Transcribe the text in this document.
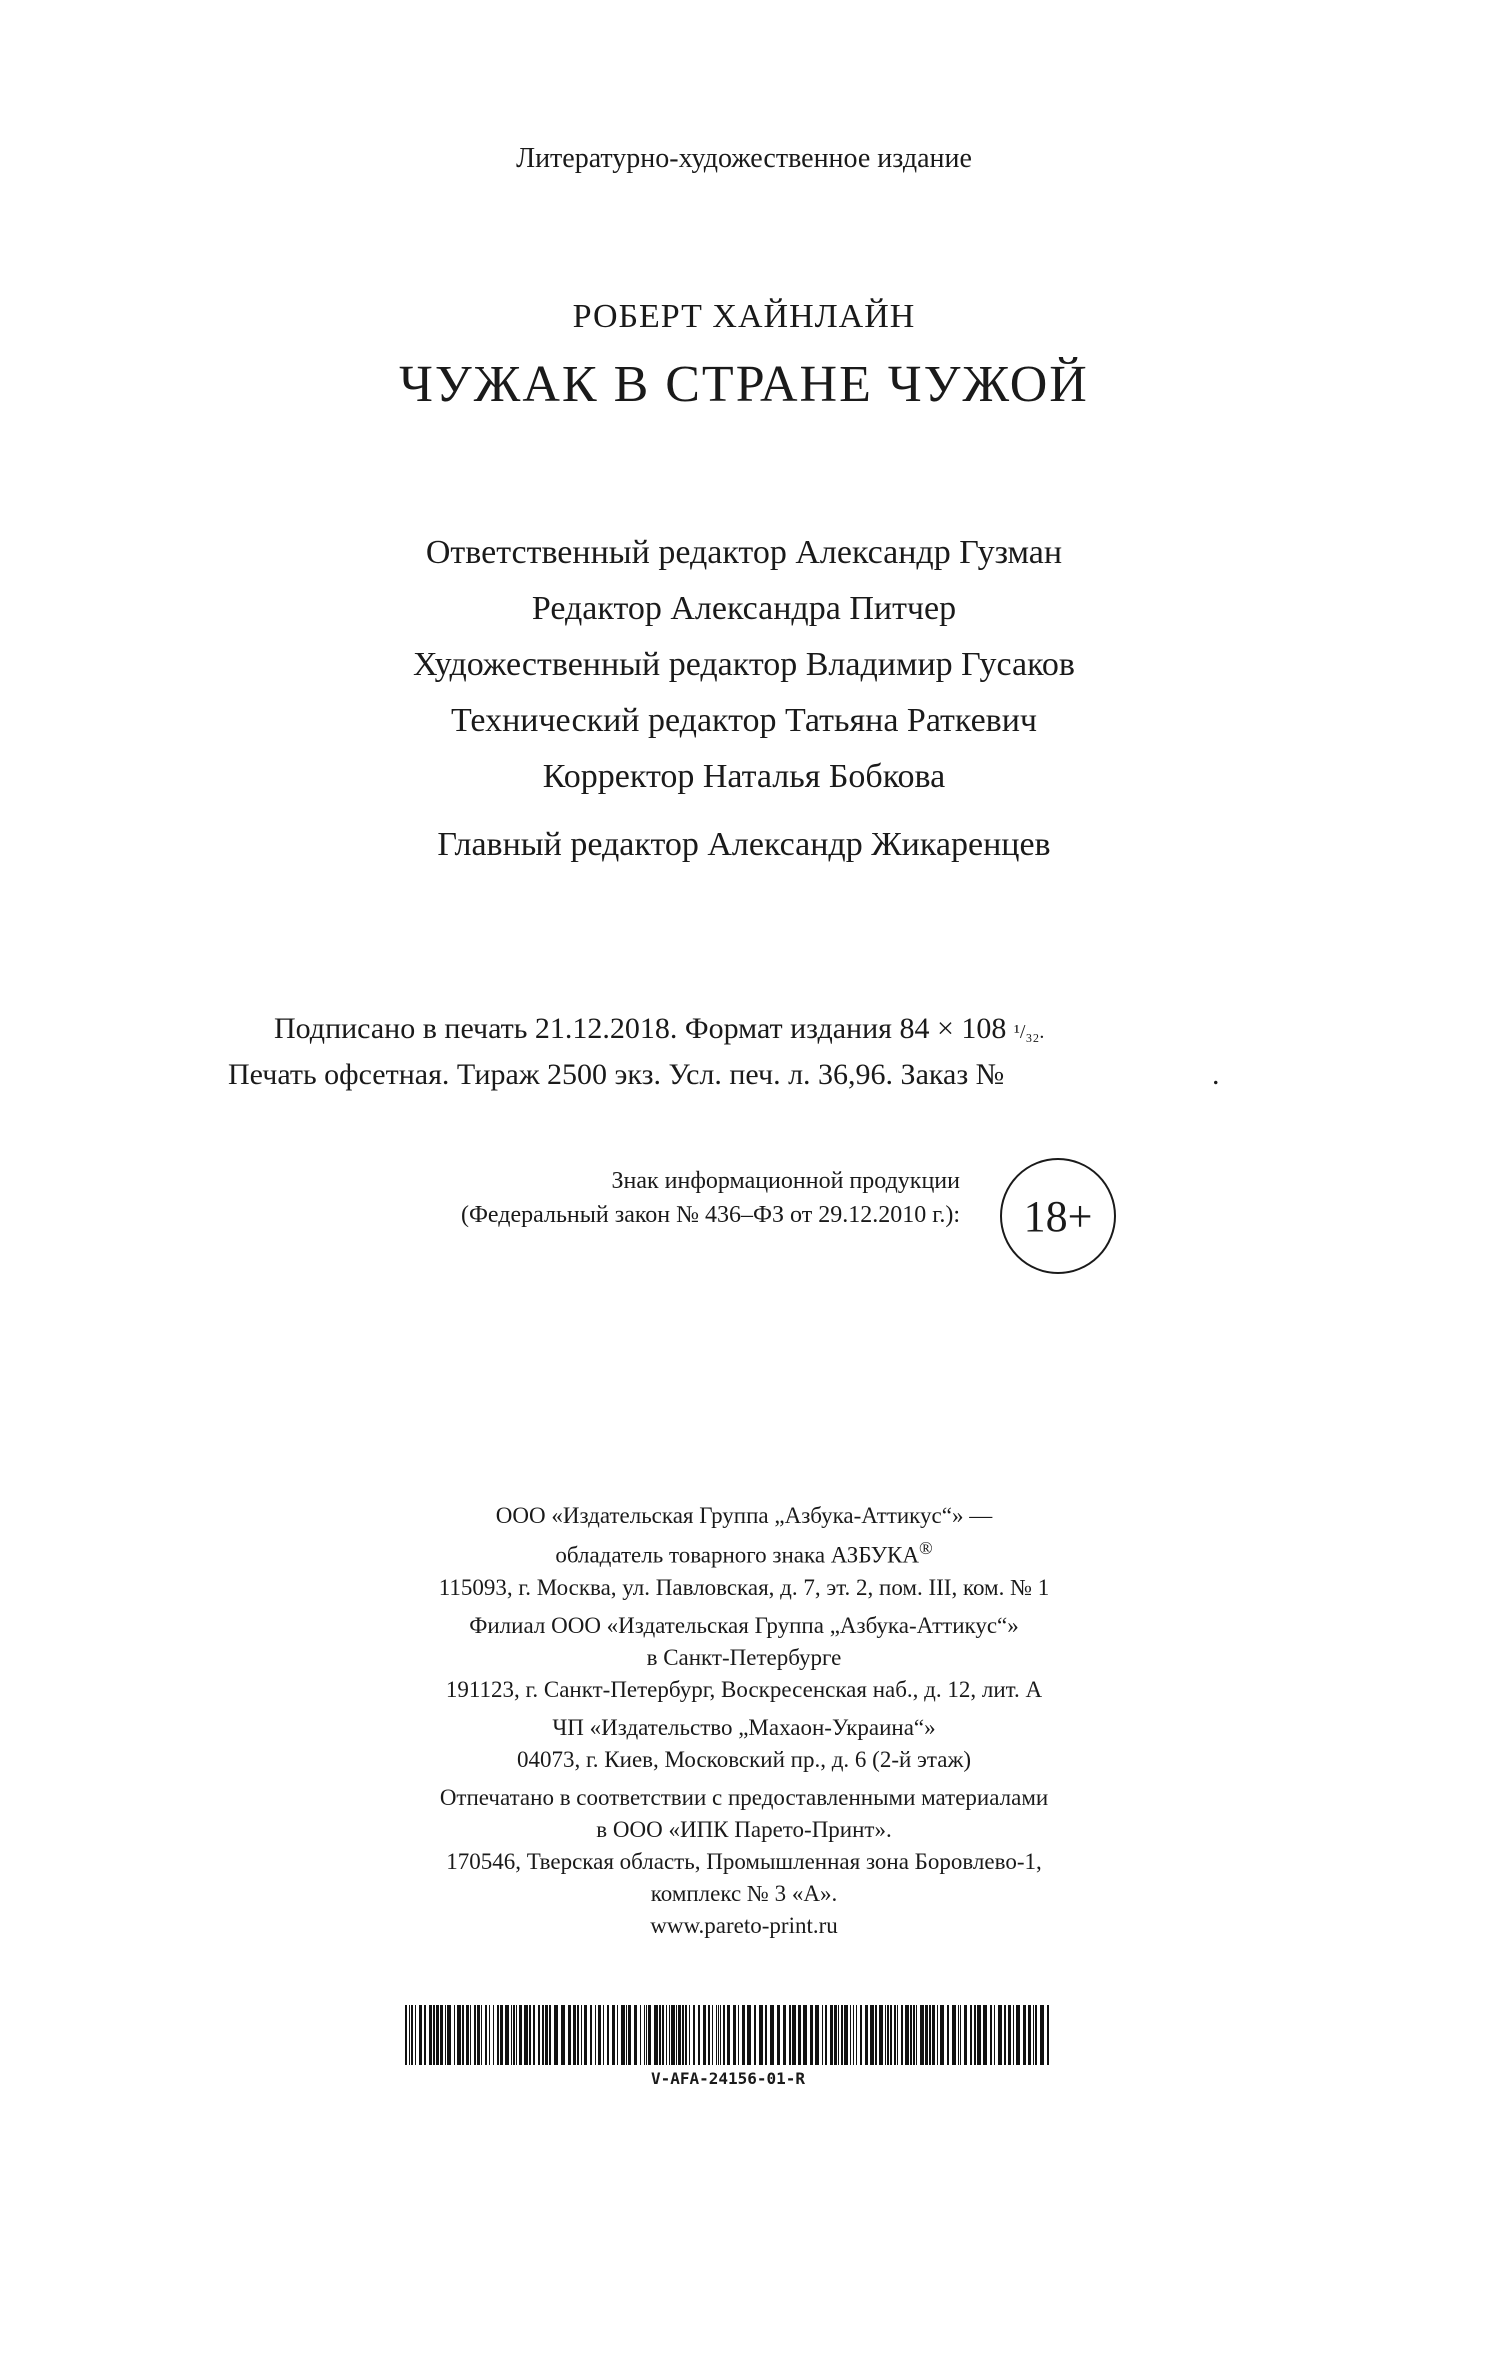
Литературно-художественное издание
РОБЕРТ ХАЙНЛАЙН
ЧУЖАК В СТРАНЕ ЧУЖОЙ
Ответственный редактор Александр Гузман
Редактор Александра Питчер
Художественный редактор Владимир Гусаков
Технический редактор Татьяна Раткевич
Корректор Наталья Бобкова
Главный редактор Александр Жикаренцев
Подписано в печать 21.12.2018. Формат издания 84 × 108 ¹/₃₂.
Печать офсетная. Тираж 2500 экз. Усл. печ. л. 36,96. Заказ №	.
Знак информационной продукции
(Федеральный закон № 436–ФЗ от 29.12.2010 г.):	18+
ООО «Издательская Группа „Азбука-Аттикус“» —
обладатель товарного знака АЗБУКА®
115093, г. Москва, ул. Павловская, д. 7, эт. 2, пом. III, ком. № 1
Филиал ООО «Издательская Группа „Азбука-Аттикус“»
в Санкт-Петербурге
191123, г. Санкт-Петербург, Воскресенская наб., д. 12, лит. А
ЧП «Издательство „Махаон-Украина“»
04073, г. Киев, Московский пр., д. 6 (2-й этаж)
Отпечатано в соответствии с предоставленными материалами
в ООО «ИПК Парето-Принт».
170546, Тверская область, Промышленная зона Боровлево-1,
комплекс № 3 «А».
www.pareto-print.ru
V-AFA-24156-01-R
